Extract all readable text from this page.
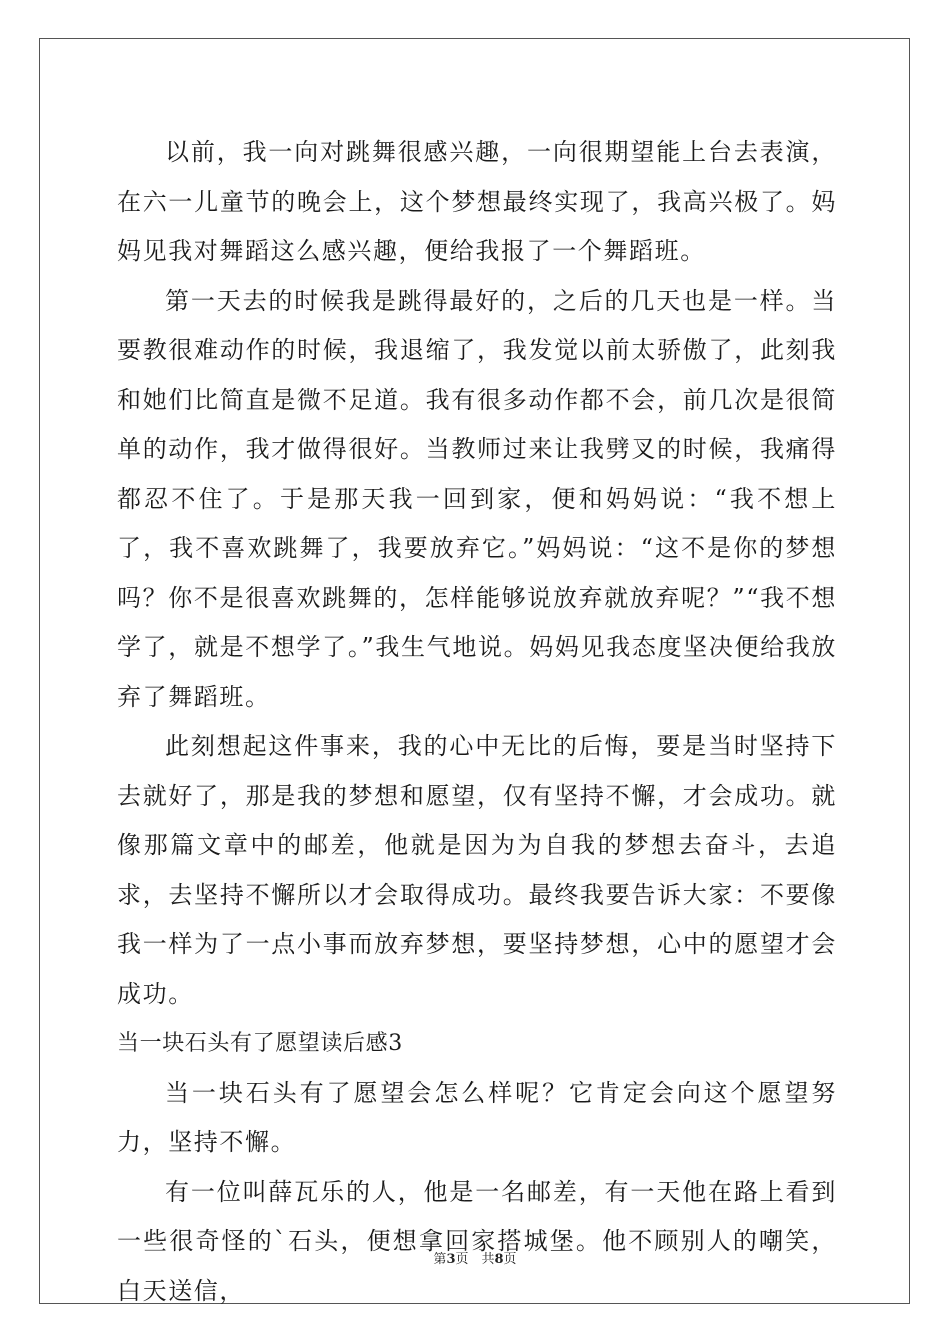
以前，我一向对跳舞很感兴趣，一向很期望能上台去表演，在六一儿童节的晚会上，这个梦想最终实现了，我高兴极了。妈妈见我对舞蹈这么感兴趣，便给我报了一个舞蹈班。

第一天去的时候我是跳得最好的，之后的几天也是一样。当要教很难动作的时候，我退缩了，我发觉以前太骄傲了，此刻我和她们比简直是微不足道。我有很多动作都不会，前几次是很简单的动作，我才做得很好。当教师过来让我劈叉的时候，我痛得都忍不住了。于是那天我一回到家，便和妈妈说：“我不想上了，我不喜欢跳舞了，我要放弃它。”妈妈说：“这不是你的梦想吗？你不是很喜欢跳舞的，怎样能够说放弃就放弃呢？”“我不想学了，就是不想学了。”我生气地说。妈妈见我态度坚决便给我放弃了舞蹈班。

此刻想起这件事来，我的心中无比的后悔，要是当时坚持下去就好了，那是我的梦想和愿望，仅有坚持不懈，才会成功。就像那篇文章中的邮差，他就是因为为自我的梦想去奋斗，去追求，去坚持不懈所以才会取得成功。最终我要告诉大家：不要像我一样为了一点小事而放弃梦想，要坚持梦想，心中的愿望才会成功。

当一块石头有了愿望读后感3

当一块石头有了愿望会怎么样呢？它肯定会向这个愿望努力，坚持不懈。

有一位叫薛瓦乐的人，他是一名邮差，有一天他在路上看到一些很奇怪的`石头，便想拿回家搭城堡。他不顾别人的嘲笑，白天送信，

第3页　共8页
